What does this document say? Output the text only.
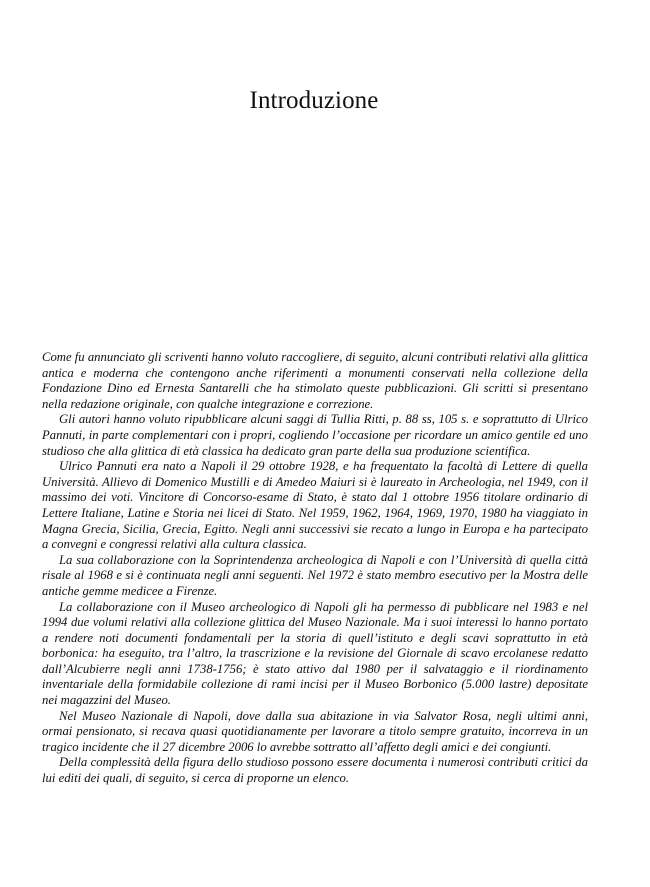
Introduzione

Come fu annunciato gli scriventi hanno voluto raccogliere, di seguito, alcuni contributi relativi alla glittica antica e moderna che contengono anche riferimenti a monumenti conservati nella collezione della Fondazione Dino ed Ernesta Santarelli che ha stimolato queste pubblicazioni. Gli scritti si presentano nella redazione originale, con qualche integrazione e correzione.

Gli autori hanno voluto ripubblicare alcuni saggi di Tullia Ritti, p. 88 ss, 105 s. e soprattutto di Ulrico Pannuti, in parte complementari con i propri, cogliendo l’occasione per ricordare un amico gentile ed uno studioso che alla glittica di età classica ha dedicato gran parte della sua produzione scientifica.

Ulrico Pannuti era nato a Napoli il 29 ottobre 1928, e ha frequentato la facoltà di Lettere di quella Università. Allievo di Domenico Mustilli e di Amedeo Maiuri si è laureato in Archeologia, nel 1949, con il massimo dei voti. Vincitore di Concorso-esame di Stato, è stato dal 1 ottobre 1956 titolare ordinario di Lettere Italiane, Latine e Storia nei licei di Stato. Nel 1959, 1962, 1964, 1969, 1970, 1980 ha viaggiato in Magna Grecia, Sicilia, Grecia, Egitto. Negli anni successivi sie recato a lungo in Europa e ha partecipato a convegni e congressi relativi alla cultura classica.

La sua collaborazione con la Soprintendenza archeologica di Napoli e con l’Università di quella città risale al 1968 e si è continuata negli anni seguenti. Nel 1972 è stato membro esecutivo per la Mostra delle antiche gemme medicee a Firenze.

La collaborazione con il Museo archeologico di Napoli gli ha permesso di pubblicare nel 1983 e nel 1994 due volumi relativi alla collezione glittica del Museo Nazionale. Ma i suoi interessi lo hanno portato a rendere noti documenti fondamentali per la storia di quell’istituto e degli scavi soprattutto in età borbonica: ha eseguito, tra l’altro, la trascrizione e la revisione del Giornale di scavo ercolanese redatto dall’Alcubierre negli anni 1738-1756; è stato attivo dal 1980 per il salvataggio e il riordinamento inventariale della formidabile collezione di rami incisi per il Museo Borbonico (5.000 lastre) depositate nei magazzini del Museo.

Nel Museo Nazionale di Napoli, dove dalla sua abitazione in via Salvator Rosa, negli ultimi anni, ormai pensionato, si recava quasi quotidianamente per lavorare a titolo sempre gratuito, incorreva in un tragico incidente che il 27 dicembre 2006 lo avrebbe sottratto all’affetto degli amici e dei congiunti.

Della complessità della figura dello studioso possono essere documenta i numerosi contributi critici da lui editi dei quali, di seguito, si cerca di proporne un elenco.
